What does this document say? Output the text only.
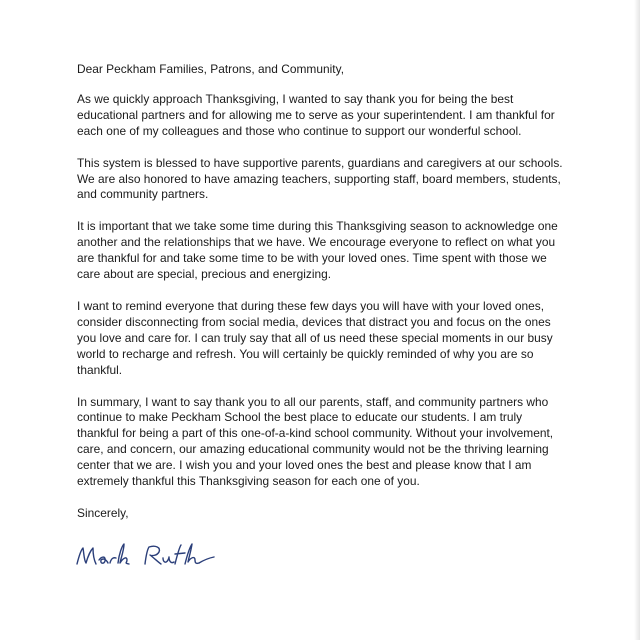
Dear Peckham Families, Patrons, and Community,

As we quickly approach Thanksgiving, I wanted to say thank you for being the best educational partners and for allowing me to serve as your superintendent. I am thankful for each one of my colleagues and those who continue to support our wonderful school.

This system is blessed to have supportive parents, guardians and caregivers at our schools. We are also honored to have amazing teachers, supporting staff, board members, students, and community partners.

It is important that we take some time during this Thanksgiving season to acknowledge one another and the relationships that we have. We encourage everyone to reflect on what you are thankful for and take some time to be with your loved ones. Time spent with those we care about are special, precious and energizing.

I want to remind everyone that during these few days you will have with your loved ones, consider disconnecting from social media, devices that distract you and focus on the ones you love and care for. I can truly say that all of us need these special moments in our busy world to recharge and refresh. You will certainly be quickly reminded of why you are so thankful.

In summary, I want to say thank you to all our parents, staff, and community partners who continue to make Peckham School the best place to educate our students. I am truly thankful for being a part of this one-of-a-kind school community. Without your involvement, care, and concern, our amazing educational community would not be the thriving learning center that we are. I wish you and your loved ones the best and please know that I am extremely thankful this Thanksgiving season for each one of you.

Sincerely,
